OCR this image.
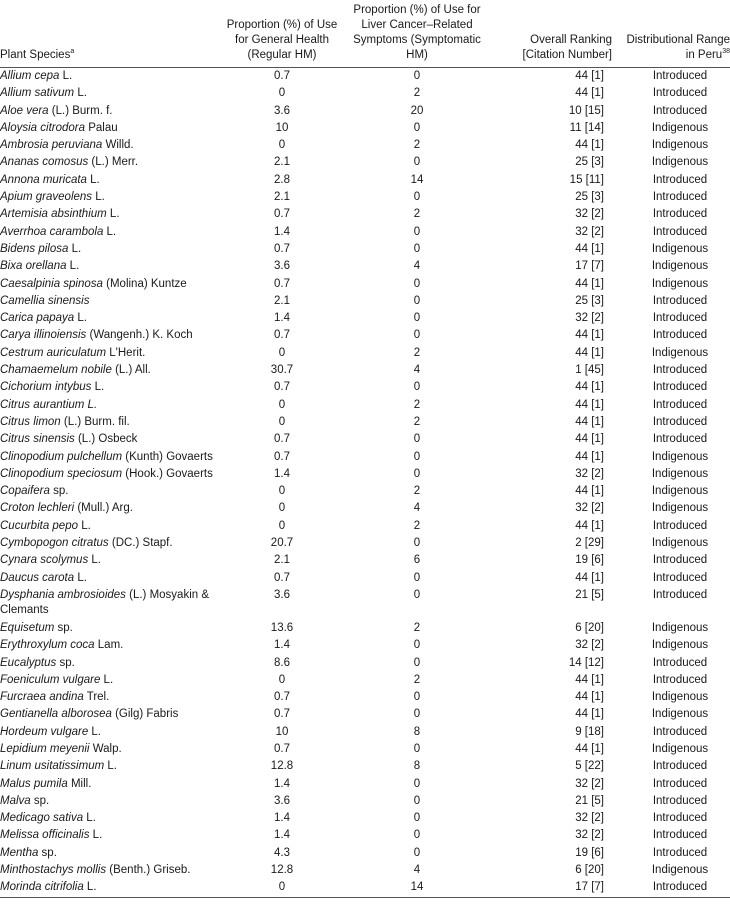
Plant Species$^a$	Proportion (%) of Use for General Health (Regular HM)	Proportion (%) of Use for Liver Cancer–Related Symptoms (Symptomatic HM)	Overall Ranking [Citation Number]	Distributional Range in Peru$^{38}$
Allium cepa L.	0.7	0	44 [1]	Introduced
Allium sativum L.	0	2	44 [1]	Introduced
Aloe vera (L.) Burm. f.	3.6	20	10 [15]	Introduced
Aloysia citrodora Palau	10	0	11 [14]	Indigenous
Ambrosia peruviana Willd.	0	2	44 [1]	Indigenous
Ananas comosus (L.) Merr.	2.1	0	25 [3]	Indigenous
Annona muricata L.	2.8	14	15 [11]	Introduced
Apium graveolens L.	2.1	0	25 [3]	Introduced
Artemisia absinthium L.	0.7	2	32 [2]	Introduced
Averrhoa carambola L.	1.4	0	32 [2]	Introduced
Bidens pilosa L.	0.7	0	44 [1]	Indigenous
Bixa orellana L.	3.6	4	17 [7]	Indigenous
Caesalpinia spinosa (Molina) Kuntze	0.7	0	44 [1]	Indigenous
Camellia sinensis	2.1	0	25 [3]	Introduced
Carica papaya L.	1.4	0	32 [2]	Introduced
Carya illinoiensis (Wangenh.) K. Koch	0.7	0	44 [1]	Introduced
Cestrum auriculatum L'Herit.	0	2	44 [1]	Indigenous
Chamaemelum nobile (L.) All.	30.7	4	1 [45]	Introduced
Cichorium intybus L.	0.7	0	44 [1]	Introduced
Citrus aurantium L.	0	2	44 [1]	Introduced
Citrus limon (L.) Burm. fil.	0	2	44 [1]	Introduced
Citrus sinensis (L.) Osbeck	0.7	0	44 [1]	Introduced
Clinopodium pulchellum (Kunth) Govaerts	0.7	0	44 [1]	Indigenous
Clinopodium speciosum (Hook.) Govaerts	1.4	0	32 [2]	Indigenous
Copaifera sp.	0	2	44 [1]	Indigenous
Croton lechleri (Mull.) Arg.	0	4	32 [2]	Indigenous
Cucurbita pepo L.	0	2	44 [1]	Introduced
Cymbopogon citratus (DC.) Stapf.	20.7	0	2 [29]	Indigenous
Cynara scolymus L.	2.1	6	19 [6]	Introduced
Daucus carota L.	0.7	0	44 [1]	Introduced
Dysphania ambrosioides (L.) Mosyakin & Clemants	3.6	0	21 [5]	Introduced
Equisetum sp.	13.6	2	6 [20]	Indigenous
Erythroxylum coca Lam.	1.4	0	32 [2]	Indigenous
Eucalyptus sp.	8.6	0	14 [12]	Introduced
Foeniculum vulgare L.	0	2	44 [1]	Introduced
Furcraea andina Trel.	0.7	0	44 [1]	Indigenous
Gentianella alborosea (Gilg) Fabris	0.7	0	44 [1]	Indigenous
Hordeum vulgare L.	10	8	9 [18]	Introduced
Lepidium meyenii Walp.	0.7	0	44 [1]	Indigenous
Linum usitatissimum L.	12.8	8	5 [22]	Introduced
Malus pumila Mill.	1.4	0	32 [2]	Introduced
Malva sp.	3.6	0	21 [5]	Introduced
Medicago sativa L.	1.4	0	32 [2]	Introduced
Melissa officinalis L.	1.4	0	32 [2]	Introduced
Mentha sp.	4.3	0	19 [6]	Introduced
Minthostachys mollis (Benth.) Griseb.	12.8	4	6 [20]	Indigenous
Morinda citrifolia L.	0	14	17 [7]	Introduced
